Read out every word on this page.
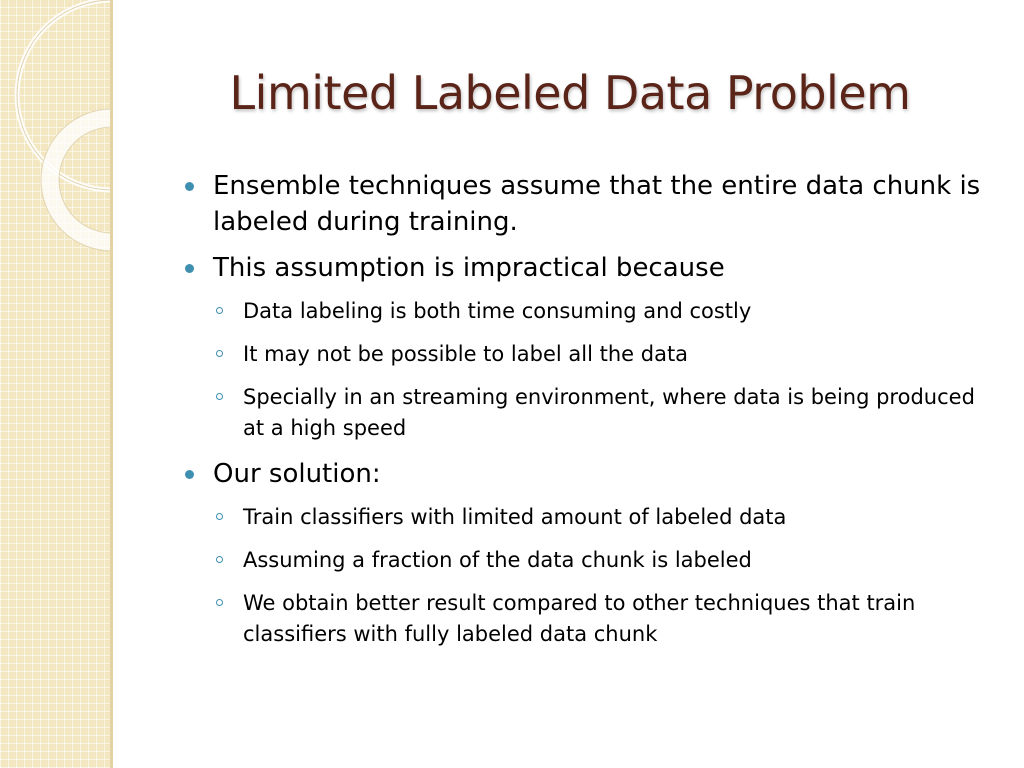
Limited Labeled Data Problem
Ensemble techniques assume that the entire data chunk is labeled during training.
This assumption is impractical because
Data labeling is both time consuming and costly
It may not be possible to label all the data
Specially in an streaming environment, where data is being produced at a high speed
Our solution:
Train classifiers with limited amount of labeled data
Assuming a fraction of the data chunk is labeled
We obtain better result compared to other techniques that train classifiers with fully labeled data chunk
